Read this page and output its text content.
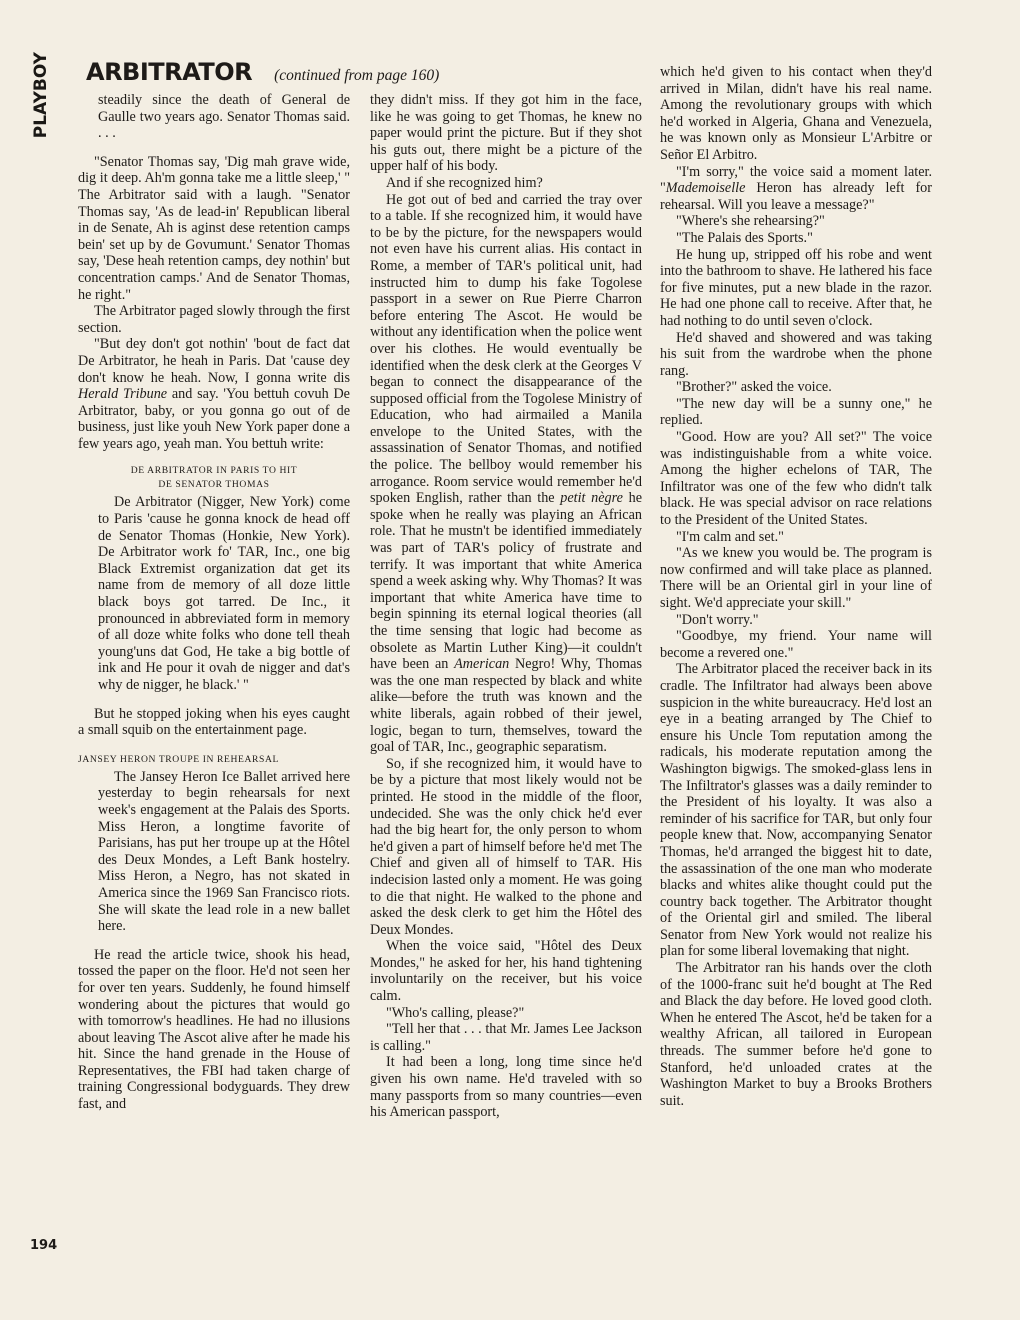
PLAYBOY ARBITRATOR (continued from page 160)

steadily since the death of General de Gaulle two years ago. Senator Thomas said. . . .

"Senator Thomas say, 'Dig mah grave wide, dig it deep. Ah'm gonna take me a little sleep,' " The Arbitrator said with a laugh. "Senator Thomas say, 'As de lead-in' Republican liberal in de Senate, Ah is aginst dese retention camps bein' set up by de Govumunt.' Senator Thomas say, 'Dese heah retention camps, dey nothin' but concentration camps.' And de Senator Thomas, he right."

The Arbitrator paged slowly through the first section.

"But dey don't got nothin' 'bout de fact dat De Arbitrator, he heah in Paris. Dat 'cause dey don't know he heah. Now, I gonna write dis Herald Tribune and say. 'You bettuh covuh De Arbitrator, baby, or you gonna go out of de business, just like youh New York paper done a few years ago, yeah man. You bettuh write:

DE ARBITRATOR IN PARIS TO HIT
DE SENATOR THOMAS

De Arbitrator (Nigger, New York) come to Paris 'cause he gonna knock de head off de Senator Thomas (Honkie, New York). De Arbitrator work fo' TAR, Inc., one big Black Extremist organization dat get its name from de memory of all doze little black boys got tarred. De Inc., it pronounced in abbreviated form in memory of all doze white folks who done tell theah young'uns dat God, He take a big bottle of ink and He pour it ovah de nigger and dat's why de nigger, he black.' "

But he stopped joking when his eyes caught a small squib on the entertainment page.

JANSEY HERON TROUPE IN REHEARSAL

The Jansey Heron Ice Ballet arrived here yesterday to begin rehearsals for next week's engagement at the Palais des Sports. Miss Heron, a longtime favorite of Parisians, has put her troupe up at the Hôtel des Deux Mondes, a Left Bank hostelry. Miss Heron, a Negro, has not skated in America since the 1969 San Francisco riots. She will skate the lead role in a new ballet here.

He read the article twice, shook his head, tossed the paper on the floor. He'd not seen her for over ten years. Suddenly, he found himself wondering about the pictures that would go with tomorrow's headlines. He had no illusions about leaving The Ascot alive after he made his hit. Since the hand grenade in the House of Representatives, the FBI had taken charge of training Congressional bodyguards. They drew fast, and

they didn't miss. If they got him in the face, like he was going to get Thomas, he knew no paper would print the picture. But if they shot his guts out, there might be a picture of the upper half of his body.

And if she recognized him?

He got out of bed and carried the tray over to a table. If she recognized him, it would have to be by the picture, for the newspapers would not even have his current alias. His contact in Rome, a member of TAR's political unit, had instructed him to dump his fake Togolese passport in a sewer on Rue Pierre Charron before entering The Ascot. He would be without any identification when the police went over his clothes. He would eventually be identified when the desk clerk at the Georges V began to connect the disappearance of the supposed official from the Togolese Ministry of Education, who had airmailed a Manila envelope to the United States, with the assassination of Senator Thomas, and notified the police. The bellboy would remember his arrogance. Room service would remember he'd spoken English, rather than the petit nègre he spoke when he really was playing an African role. That he mustn't be identified immediately was part of TAR's policy of frustrate and terrify. It was important that white America spend a week asking why. Why Thomas? It was important that white America have time to begin spinning its eternal logical theories (all the time sensing that logic had become as obsolete as Martin Luther King)—it couldn't have been an American Negro! Why, Thomas was the one man respected by black and white alike—before the truth was known and the white liberals, again robbed of their jewel, logic, began to turn, themselves, toward the goal of TAR, Inc., geographic separatism.

So, if she recognized him, it would have to be by a picture that most likely would not be printed. He stood in the middle of the floor, undecided. She was the only chick he'd ever had the big heart for, the only person to whom he'd given a part of himself before he'd met The Chief and given all of himself to TAR. His indecision lasted only a moment. He was going to die that night. He walked to the phone and asked the desk clerk to get him the Hôtel des Deux Mondes.

When the voice said, "Hôtel des Deux Mondes," he asked for her, his hand tightening involuntarily on the receiver, but his voice calm.

"Who's calling, please?"

"Tell her that . . . that Mr. James Lee Jackson is calling."

It had been a long, long time since he'd given his own name. He'd traveled with so many passports from so many countries—even his American passport,

which he'd given to his contact when they'd arrived in Milan, didn't have his real name. Among the revolutionary groups with which he'd worked in Algeria, Ghana and Venezuela, he was known only as Monsieur L'Arbitre or Señor El Arbitro.

"I'm sorry," the voice said a moment later. "Mademoiselle Heron has already left for rehearsal. Will you leave a message?"

"Where's she rehearsing?"

"The Palais des Sports."

He hung up, stripped off his robe and went into the bathroom to shave. He lathered his face for five minutes, put a new blade in the razor. He had one phone call to receive. After that, he had nothing to do until seven o'clock.

He'd shaved and showered and was taking his suit from the wardrobe when the phone rang.

"Brother?" asked the voice.

"The new day will be a sunny one," he replied.

"Good. How are you? All set?" The voice was indistinguishable from a white voice. Among the higher echelons of TAR, The Infiltrator was one of the few who didn't talk black. He was special advisor on race relations to the President of the United States.

"I'm calm and set."

"As we knew you would be. The program is now confirmed and will take place as planned. There will be an Oriental girl in your line of sight. We'd appreciate your skill."

"Don't worry."

"Goodbye, my friend. Your name will become a revered one."

The Arbitrator placed the receiver back in its cradle. The Infiltrator had always been above suspicion in the white bureaucracy. He'd lost an eye in a beating arranged by The Chief to ensure his Uncle Tom reputation among the radicals, his moderate reputation among the Washington bigwigs. The smoked-glass lens in The Infiltrator's glasses was a daily reminder to the President of his loyalty. It was also a reminder of his sacrifice for TAR, but only four people knew that. Now, accompanying Senator Thomas, he'd arranged the biggest hit to date, the assassination of the one man who moderate blacks and whites alike thought could put the country back together. The Arbitrator thought of the Oriental girl and smiled. The liberal Senator from New York would not realize his plan for some liberal lovemaking that night.

The Arbitrator ran his hands over the cloth of the 1000-franc suit he'd bought at The Red and Black the day before. He loved good cloth. When he entered The Ascot, he'd be taken for a wealthy African, all tailored in European threads. The summer before he'd gone to Stanford, he'd unloaded crates at the Washington Market to buy a Brooks Brothers suit.

194
